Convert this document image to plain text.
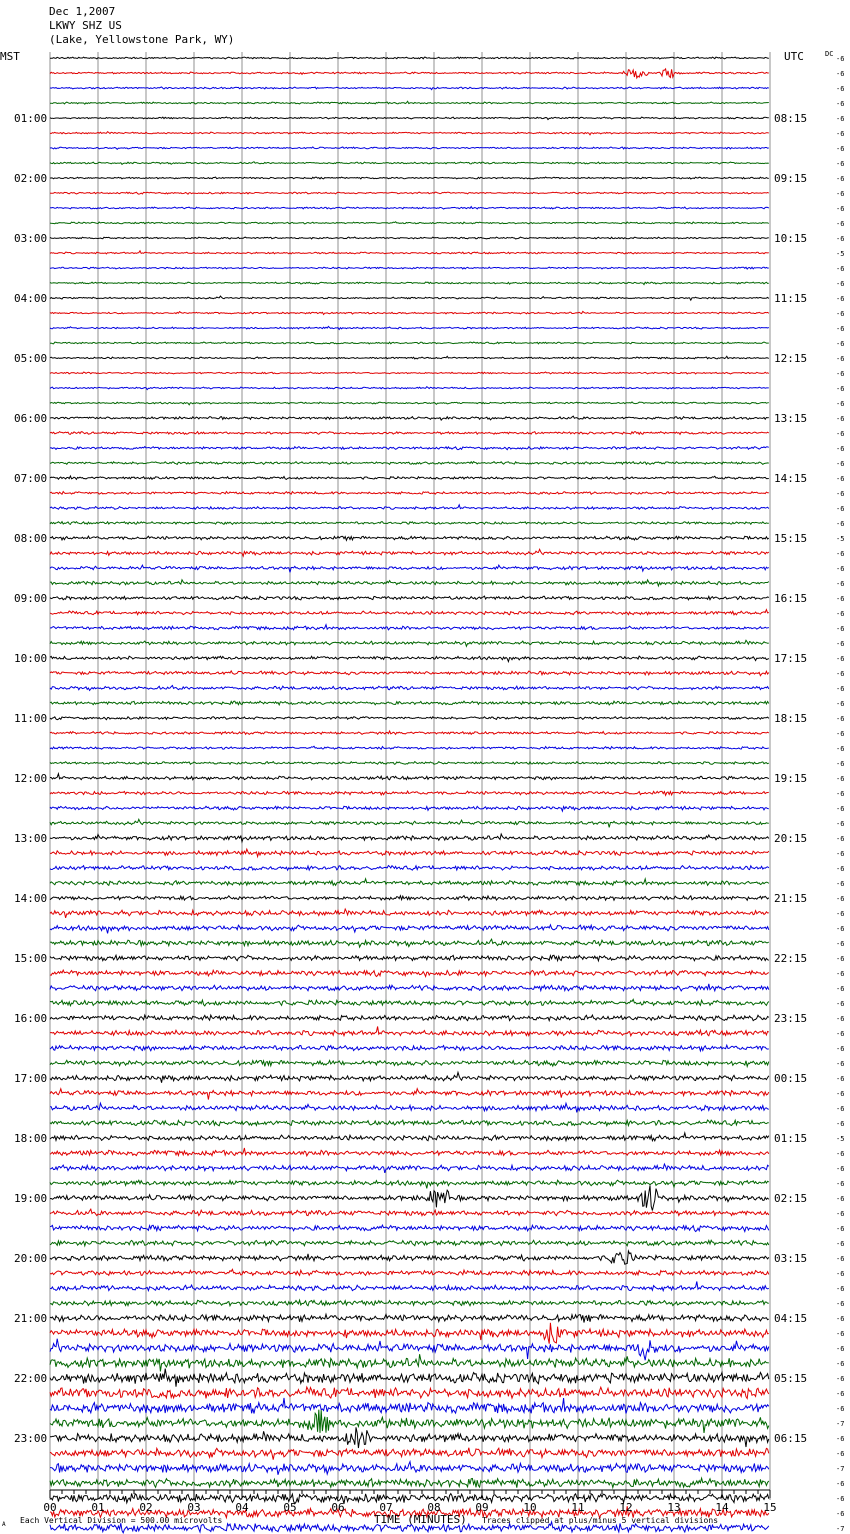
01:00
02:00
03:00
04:00
05:00
06:00
07:00
08:00
09:00
10:00
11:00
12:00
13:00
14:00
15:00
16:00
17:00
18:00
19:00
20:00
21:00
22:00
23:00
08:15
09:15
10:15
11:15
12:15
13:15
14:15
15:15
16:15
17:15
18:15
19:15
20:15
21:15
22:15
23:15
00:15
01:15
02:15
03:15
04:15
05:15
06:15
-6
-6
-6
-6
-6
-6
-6
-6
-6
-6
-6
-6
-6
-5
-6
-6
-6
-6
-6
-6
-6
-6
-6
-6
-6
-6
-6
-6
-6
-6
-6
-6
-5
-6
-6
-6
-6
-6
-6
-6
-6
-6
-6
-6
-6
-6
-6
-6
-6
-6
-6
-6
-6
-6
-6
-6
-6
-6
-6
-6
-6
-6
-6
-6
-6
-6
-6
-6
-6
-6
-6
-6
-5
-6
-6
-6
-6
-6
-6
-6
-6
-6
-6
-6
-6
-6
-6
-6
-6
-6
-6
-7
-6
-6
-7
-6
-6
-6
-7
00	01	02	03	04	05	06	07	08	09	10	11	12	13	14	15
MST	UTC	DC
A Each Vertical Division = 500.00 microvolts	TIME (MINUTES) Traces clipped at plus/minus 5 vertical divisions
Dec 1,2007
LKWY SHZ US
(Lake, Yellowstone Park, WY)
